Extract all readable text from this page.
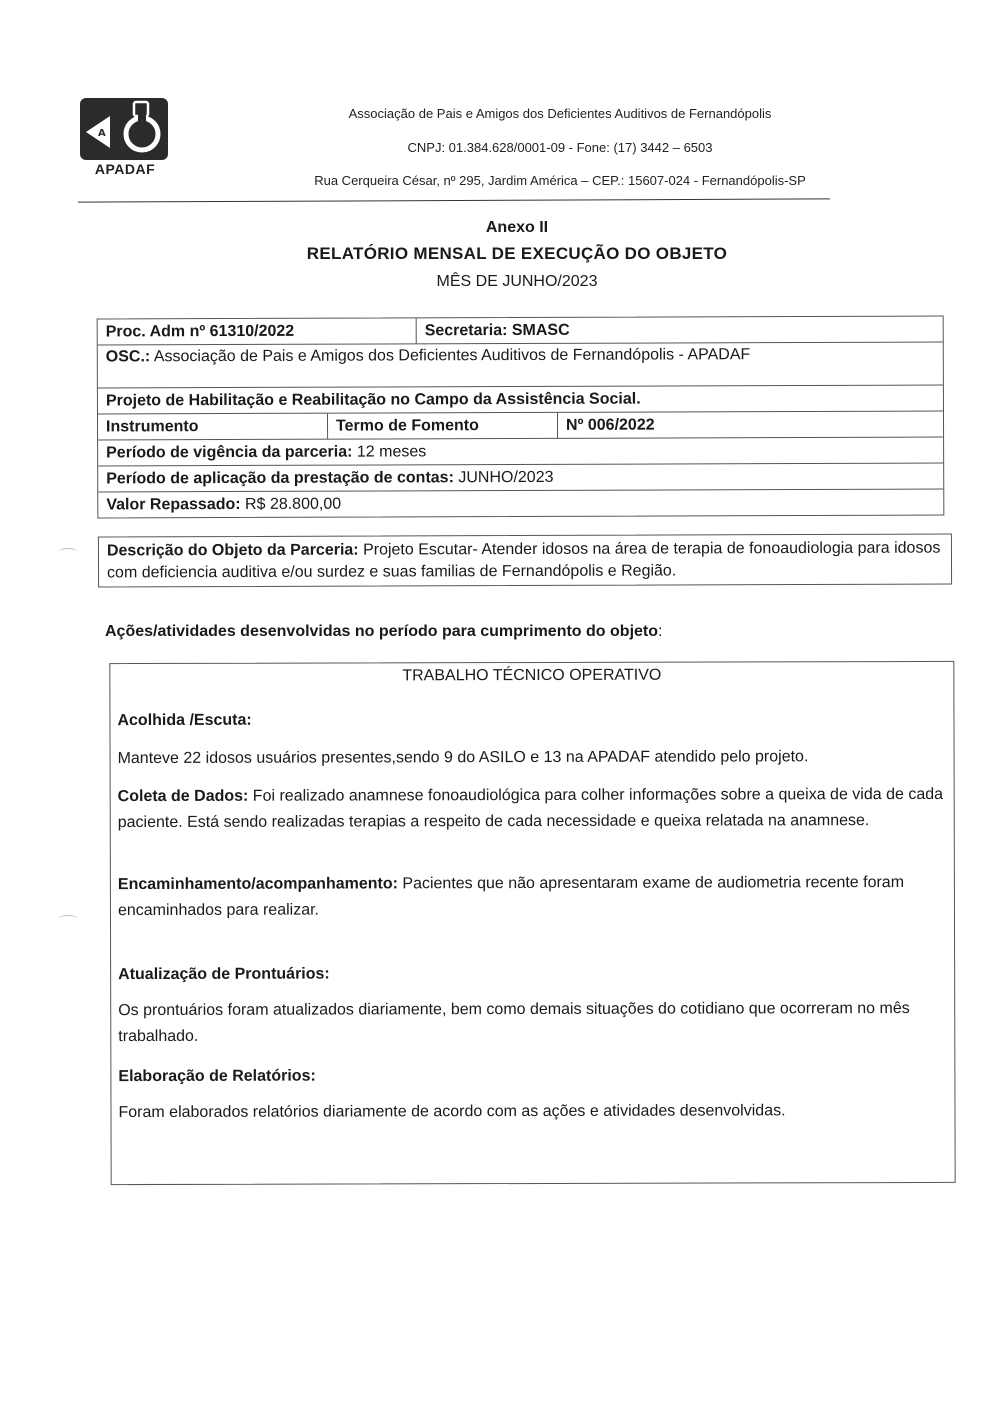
A
APADAF
Associação de Pais e Amigos dos Deficientes Auditivos de Fernandópolis
CNPJ: 01.384.628/0001-09 - Fone: (17) 3442 – 6503
Rua Cerqueira César, nº 295, Jardim América – CEP.: 15607-024 - Fernandópolis-SP
Anexo II
RELATÓRIO MENSAL DE EXECUÇÃO DO OBJETO
MÊS DE JUNHO/2023
Proc. Adm nº 61310/2022	Secretaria: SMASC
OSC.: Associação de Pais e Amigos dos Deficientes Auditivos de Fernandópolis - APADAF
Projeto de Habilitação e Reabilitação no Campo da Assistência Social.
Instrumento	Termo de Fomento	Nº 006/2022
Período de vigência da parceria: 12 meses
Período de aplicação da prestação de contas: JUNHO/2023
Valor Repassado: R$ 28.800,00
Descrição do Objeto da Parceria: Projeto Escutar- Atender idosos na área de terapia de fonoaudiologia para idosos com deficiencia auditiva e/ou surdez e suas familias de Fernandópolis e Região.
Ações/atividades desenvolvidas no período para cumprimento do objeto:
TRABALHO TÉCNICO OPERATIVO
Acolhida /Escuta:
Manteve 22 idosos usuários presentes,sendo 9 do ASILO e 13 na APADAF atendido pelo projeto.
Coleta de Dados: Foi realizado anamnese fonoaudiológica para colher informações sobre a queixa de vida de cada paciente. Está sendo realizadas terapias a respeito de cada necessidade e queixa relatada na anamnese.
Encaminhamento/acompanhamento: Pacientes que não apresentaram exame de audiometria recente foram encaminhados para realizar.
Atualização de Prontuários:
Os prontuários foram atualizados diariamente, bem como demais situações do cotidiano que ocorreram no mês trabalhado.
Elaboração de Relatórios:
Foram elaborados relatórios diariamente de acordo com as ações e atividades desenvolvidas.
